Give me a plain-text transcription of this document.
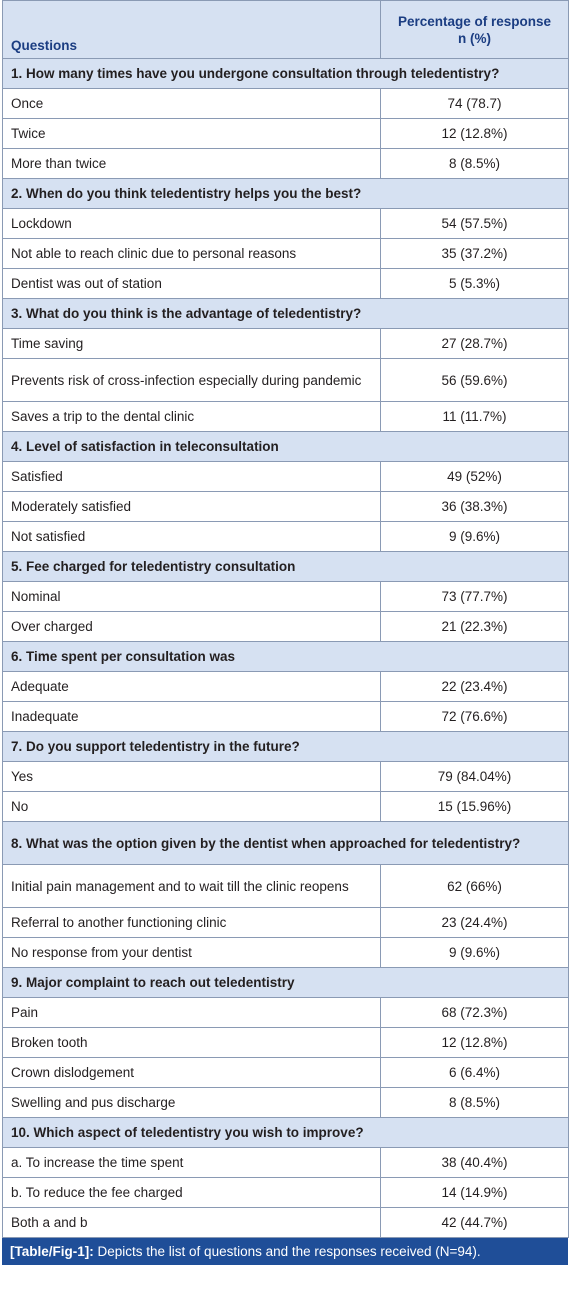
Questions	Percentage of response
n (%)
1. How many times have you undergone consultation through teledentistry?	
Once	74 (78.7)
Twice	12 (12.8%)
More than twice	8 (8.5%)
2. When do you think teledentistry helps you the best?	
Lockdown	54 (57.5%)
Not able to reach clinic due to personal reasons	35 (37.2%)
Dentist was out of station	5 (5.3%)
3. What do you think is the advantage of teledentistry?	
Time saving	27 (28.7%)
Prevents risk of cross-infection especially during pandemic	56 (59.6%)
Saves a trip to the dental clinic	11 (11.7%)
4. Level of satisfaction in teleconsultation	
Satisfied	49 (52%)
Moderately satisfied	36 (38.3%)
Not satisfied	9 (9.6%)
5. Fee charged for teledentistry consultation	
Nominal	73 (77.7%)
Over charged	21 (22.3%)
6. Time spent per consultation was	
Adequate	22 (23.4%)
Inadequate	72 (76.6%)
7. Do you support teledentistry in the future?	
Yes	79 (84.04%)
No	15 (15.96%)
8. What was the option given by the dentist when approached for teledentistry?	
Initial pain management and to wait till the clinic reopens	62 (66%)
Referral to another functioning clinic	23 (24.4%)
No response from your dentist	9 (9.6%)
9. Major complaint to reach out teledentistry	
Pain	68 (72.3%)
Broken tooth	12 (12.8%)
Crown dislodgement	6 (6.4%)
Swelling and pus discharge	8 (8.5%)
10. Which aspect of teledentistry you wish to improve?	
a. To increase the time spent	38 (40.4%)
b. To reduce the fee charged	14 (14.9%)
Both a and b	42 (44.7%)
[Table/Fig-1]: Depicts the list of questions and the responses received (N=94).
